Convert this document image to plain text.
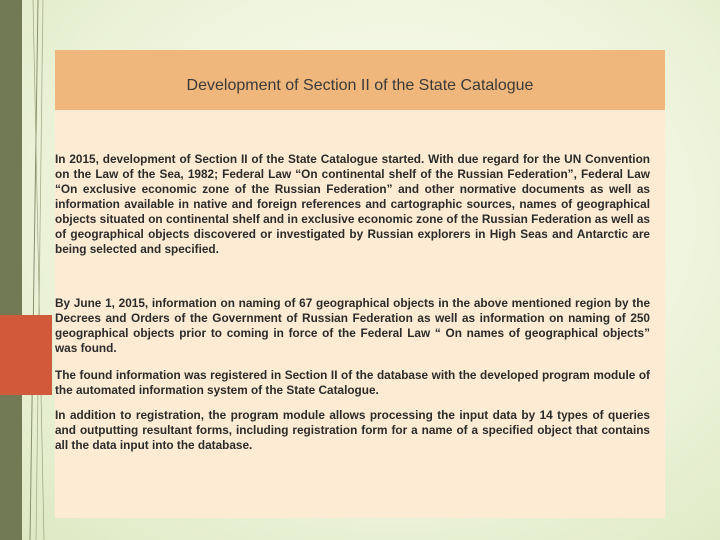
Development of Section II of the State Catalogue

In 2015, development of Section II of the State Catalogue started. With due regard for the UN Convention on the Law of the Sea, 1982; Federal Law “On continental shelf of the Russian Federation”, Federal Law “On exclusive economic zone of the Russian Federation” and other normative documents as well as information available in native and foreign references and cartographic sources, names of geographical objects situated on continental shelf and in exclusive economic zone of the Russian Federation as well as of geographical objects discovered or investigated by Russian explorers in High Seas and Antarctic are being selected and specified.

By June 1, 2015, information on naming of 67 geographical objects in the above mentioned region by the Decrees and Orders of the Government of Russian Federation as well as information on naming of 250 geographical objects prior to coming in force of the Federal Law “ On names of geographical objects” was found.

The found information was registered in Section II of the database with the developed program module of the automated information system of the State Catalogue.

In addition to registration, the program module allows processing the input data by 14 types of queries and outputting resultant forms, including registration form for a name of a specified object that contains all the data input into the database.
